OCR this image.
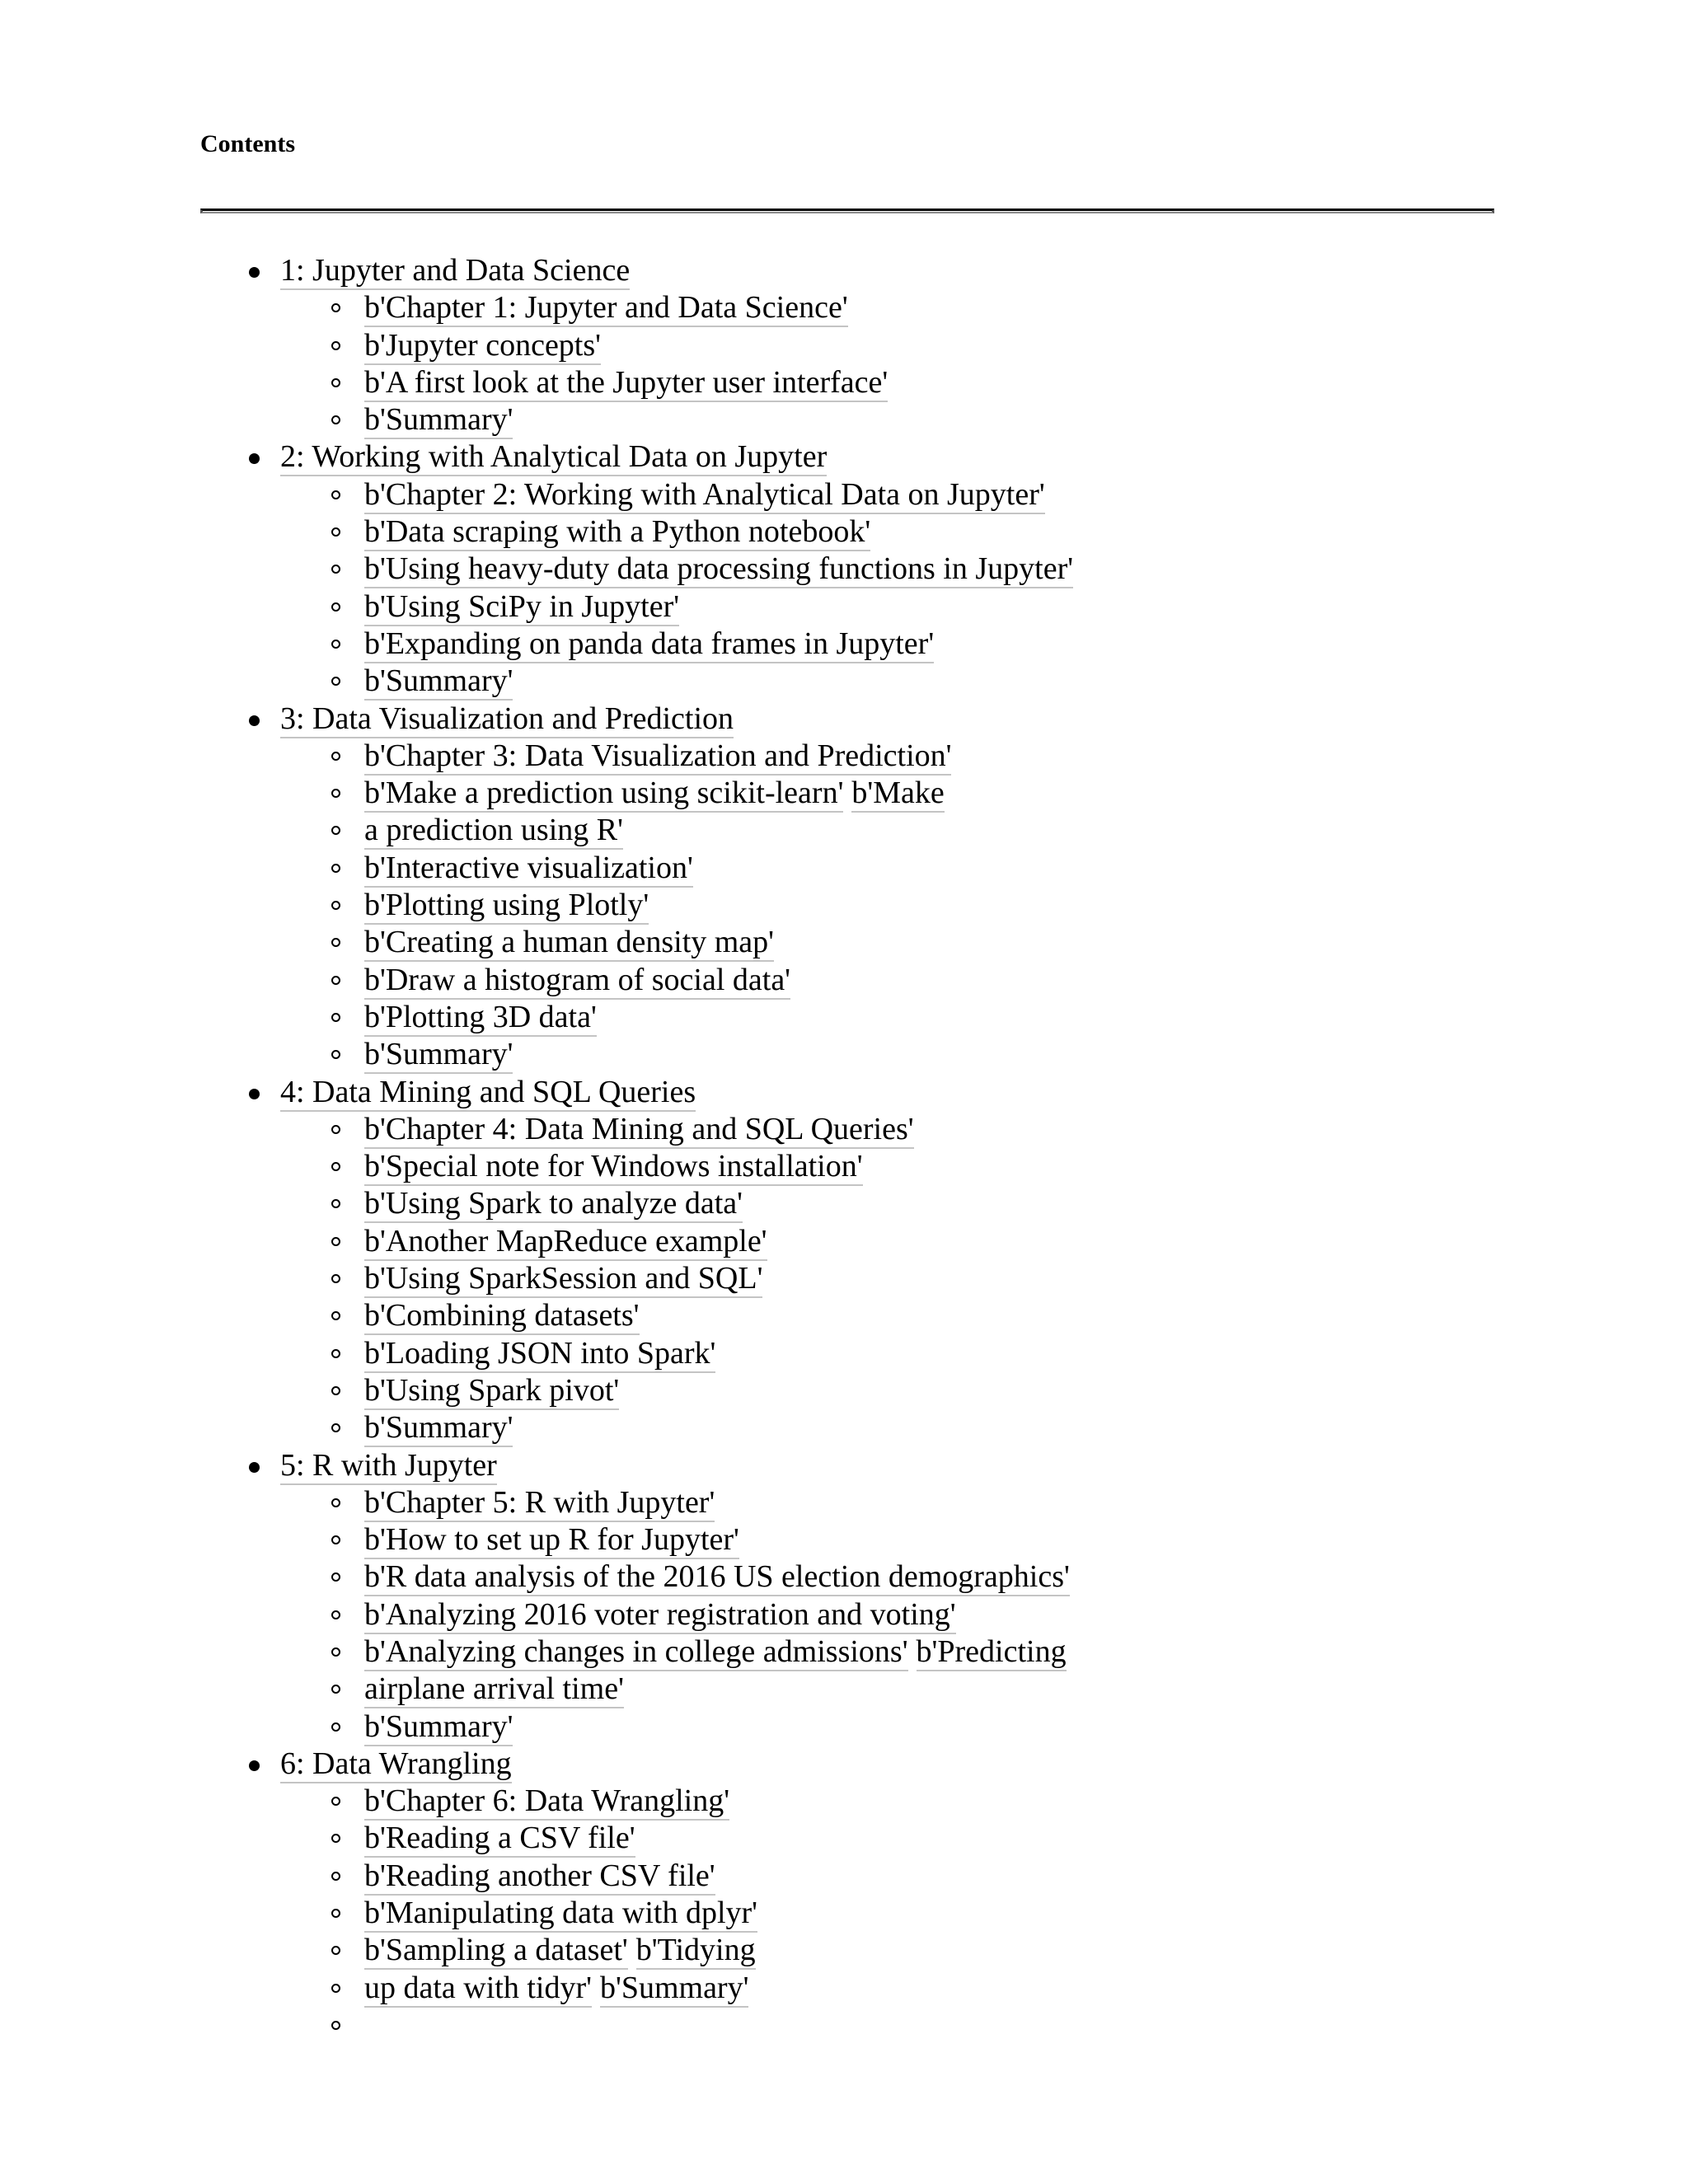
Contents
1: Jupyter and Data Science
b'Chapter 1: Jupyter and Data Science'
b'Jupyter concepts'
b'A first look at the Jupyter user interface'
b'Summary'
2: Working with Analytical Data on Jupyter
b'Chapter 2: Working with Analytical Data on Jupyter'
b'Data scraping with a Python notebook'
b'Using heavy-duty data processing functions in Jupyter'
b'Using SciPy in Jupyter'
b'Expanding on panda data frames in Jupyter'
b'Summary'
3: Data Visualization and Prediction
b'Chapter 3: Data Visualization and Prediction'
b'Make a prediction using scikit-learn' b'Make
a prediction using R'
b'Interactive visualization'
b'Plotting using Plotly'
b'Creating a human density map'
b'Draw a histogram of social data'
b'Plotting 3D data'
b'Summary'
4: Data Mining and SQL Queries
b'Chapter 4: Data Mining and SQL Queries'
b'Special note for Windows installation'
b'Using Spark to analyze data'
b'Another MapReduce example'
b'Using SparkSession and SQL'
b'Combining datasets'
b'Loading JSON into Spark'
b'Using Spark pivot'
b'Summary'
5: R with Jupyter
b'Chapter 5: R with Jupyter'
b'How to set up R for Jupyter'
b'R data analysis of the 2016 US election demographics'
b'Analyzing 2016 voter registration and voting'
b'Analyzing changes in college admissions' b'Predicting
airplane arrival time'
b'Summary'
6: Data Wrangling
b'Chapter 6: Data Wrangling'
b'Reading a CSV file'
b'Reading another CSV file'
b'Manipulating data with dplyr'
b'Sampling a dataset' b'Tidying
up data with tidyr' b'Summary'
